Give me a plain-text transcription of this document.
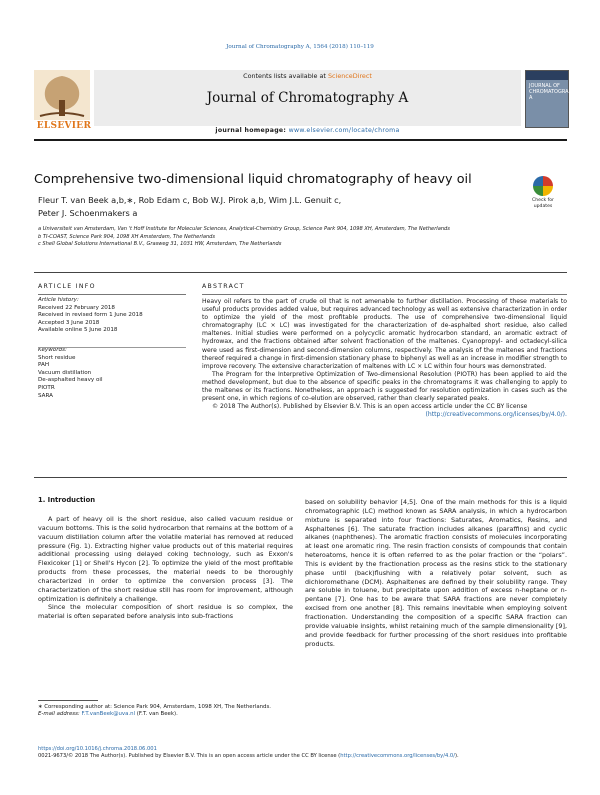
Journal of Chromatography A, 1564 (2018) 110–119
Contents lists available at ScienceDirect
Journal of Chromatography A
journal homepage: www.elsevier.com/locate/chroma
ELSEVIER
JOURNAL OF
CHROMATOGRAPHY
A
Comprehensive two-dimensional liquid chromatography of heavy oil
Check for
updates
Fleur T. van Beek a,b,∗, Rob Edam c, Bob W.J. Pirok a,b, Wim J.L. Genuit c,
Peter J. Schoenmakers a
a Universiteit van Amsterdam, Van 't Hoff Institute for Molecular Sciences, Analytical-Chemistry Group, Science Park 904, 1098 XH, Amsterdam, The Netherlands
b TI-COAST, Science Park 904, 1098 XH Amsterdam, The Netherlands
c Shell Global Solutions International B.V., Grasweg 31, 1031 HW, Amsterdam, The Netherlands
ARTICLE INFO	ABSTRACT
Article history:
Received 22 February 2018
Received in revised form 1 June 2018
Accepted 3 June 2018
Available online 5 June 2018
Keywords:
Short residue
PAH
Vacuum distillation
De-asphalted heavy oil
PIOTR
SARA

Heavy oil refers to the part of crude oil that is not amenable to further distillation. Processing of these materials to useful products provides added value, but requires advanced technology as well as extensive characterization in order to optimize the yield of the most profitable products. The use of comprehensive two-dimensional liquid chromatography (LC × LC) was investigated for the characterization of de-asphalted short residue, also called maltenes. Initial studies were performed on a polycyclic aromatic hydrocarbon standard, an aromatic extract of hydrowax, and the fractions obtained after solvent fractionation of the maltenes. Cyanopropyl- and octadecyl-silica were used as first-dimension and second-dimension columns, respectively. The analysis of the maltenes and fractions thereof required a change in first-dimension stationary phase to biphenyl as well as an increase in modifier strength to improve recovery. The extensive characterization of maltenes with LC × LC within four hours was demonstrated.

The Program for the Interpretive Optimization of Two-dimensional Resolution (PIOTR) has been applied to aid the method development, but due to the absence of specific peaks in the chromatograms it was challenging to apply to the maltenes or its fractions. Nonetheless, an approach is suggested for resolution optimization in cases such as the present one, in which regions of co-elution are observed, rather than clearly separated peaks.

© 2018 The Author(s). Published by Elsevier B.V. This is an open access article under the CC BY license

(http://creativecommons.org/licenses/by/4.0/).

1. Introduction

A part of heavy oil is the short residue, also called vacuum residue or vacuum bottoms. This is the solid hydrocarbon that remains at the bottom of a vacuum distillation column after the volatile material has removed at reduced pressure (Fig. 1). Extracting higher value products out of this material requires additional processing using delayed coking technology, such as Exxon's Flexicoker [1] or Shell's Hycon [2]. To optimize the yield of the most profitable products from these processes, the material needs to be thoroughly characterized in order to optimize the conversion process [3]. The characterization of the short residue still has room for improvement, although optimization is definitely a challenge.

Since the molecular composition of short residue is so complex, the material is often separated before analysis into sub-fractions

based on solubility behavior [4,5]. One of the main methods for this is a liquid chromatographic (LC) method known as SARA analysis, in which a hydrocarbon mixture is separated into four fractions: Saturates, Aromatics, Resins, and Asphaltenes [6]. The saturate fraction includes alkanes (paraffins) and cyclic alkanes (naphthenes). The aromatic fraction consists of molecules incorporating at least one aromatic ring. The resin fraction consists of compounds that contain heteroatoms, hence it is often referred to as the polar fraction or the “polars”. This is evident by the fractionation process as the resins stick to the stationary phase until (back)flushing with a relatively polar solvent, such as dichloromethane (DCM). Asphaltenes are defined by their solubility range. They are soluble in toluene, but precipitate upon addition of excess n-heptane or n-pentane [7]. One has to be aware that SARA fractions are never completely excised from one another [8]. This remains inevitable when employing solvent fractionation. Understanding the composition of a specific SARA fraction can provide valuable insights, whilst retaining much of the sample dimensionality [9], and provide feedback for further processing of the short residues into profitable products.

∗ Corresponding author at: Science Park 904, Amsterdam, 1098 XH, The Netherlands.
E-mail address: F.T.vanBeek@uva.nl (F.T. van Beek).
https://doi.org/10.1016/j.chroma.2018.06.001
0021-9673/© 2018 The Author(s). Published by Elsevier B.V. This is an open access article under the CC BY license (http://creativecommons.org/licenses/by/4.0/).
